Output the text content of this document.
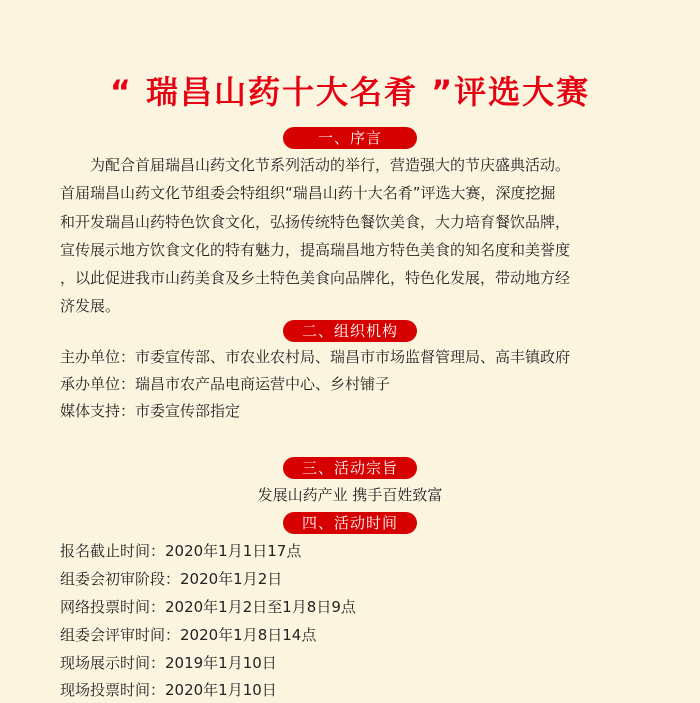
“ 瑞昌山药十大名肴 ”评选大赛
一、序言
为配合首届瑞昌山药文化节系列活动的举行，营造强大的节庆盛典活动。
首届瑞昌山药文化节组委会特组织“瑞昌山药十大名肴”评选大赛，深度挖掘
和开发瑞昌山药特色饮食文化，弘扬传统特色餐饮美食，大力培育餐饮品牌，
宣传展示地方饮食文化的特有魅力，提高瑞昌地方特色美食的知名度和美誉度
，以此促进我市山药美食及乡土特色美食向品牌化，特色化发展，带动地方经
济发展。
二、组织机构
主办单位：市委宣传部、市农业农村局、瑞昌市市场监督管理局、高丰镇政府
承办单位：瑞昌市农产品电商运营中心、乡村铺子
媒体支持：市委宣传部指定
三、活动宗旨
发展山药产业 携手百姓致富
四、活动时间
报名截止时间：2020年1月1日17点
组委会初审阶段：2020年1月2日
网络投票时间：2020年1月2日至1月8日9点
组委会评审时间：2020年1月8日14点
现场展示时间：2019年1月10日
现场投票时间：2020年1月10日
